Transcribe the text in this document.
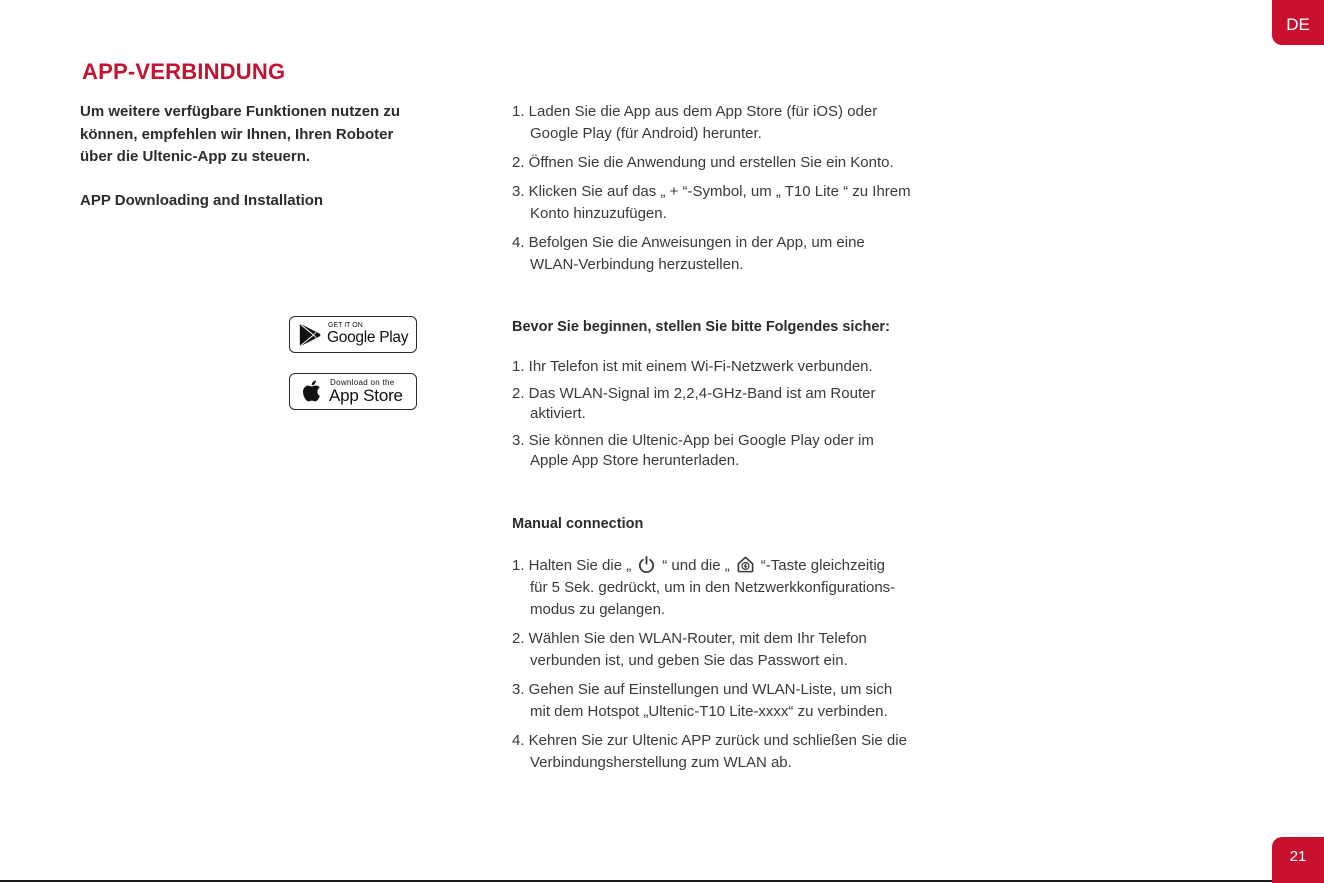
DE
APP-VERBINDUNG
Um weitere verfügbare Funktionen nutzen zu
können, empfehlen wir Ihnen, Ihren Roboter
über die Ultenic-App zu steuern.
APP Downloading and Installation
GET IT ON
Google Play
Download on the
App Store
1. Laden Sie die App aus dem App Store (für iOS) oder
Google Play (für Android) herunter.
2. Öffnen Sie die Anwendung und erstellen Sie ein Konto.
3. Klicken Sie auf das „ + “-Symbol, um „ T10 Lite “ zu Ihrem
Konto hinzuzufügen.
4. Befolgen Sie die Anweisungen in der App, um eine
WLAN-Verbindung herzustellen.
Bevor Sie beginnen, stellen Sie bitte Folgendes sicher:
1. Ihr Telefon ist mit einem Wi-Fi-Netzwerk verbunden.
2. Das WLAN-Signal im 2,2,4-GHz-Band ist am Router
aktiviert.
3. Sie können die Ultenic-App bei Google Play oder im
Apple App Store herunterladen.
Manual connection
1. Halten Sie die „ “ und die „ “-Taste gleichzeitig
für 5 Sek. gedrückt, um in den Netzwerkkonfigurations-
modus zu gelangen.
2. Wählen Sie den WLAN-Router, mit dem Ihr Telefon
verbunden ist, und geben Sie das Passwort ein.
3. Gehen Sie auf Einstellungen und WLAN-Liste, um sich
mit dem Hotspot „Ultenic-T10 Lite-xxxx“ zu verbinden.
4. Kehren Sie zur Ultenic APP zurück und schließen Sie die
Verbindungsherstellung zum WLAN ab.
21
